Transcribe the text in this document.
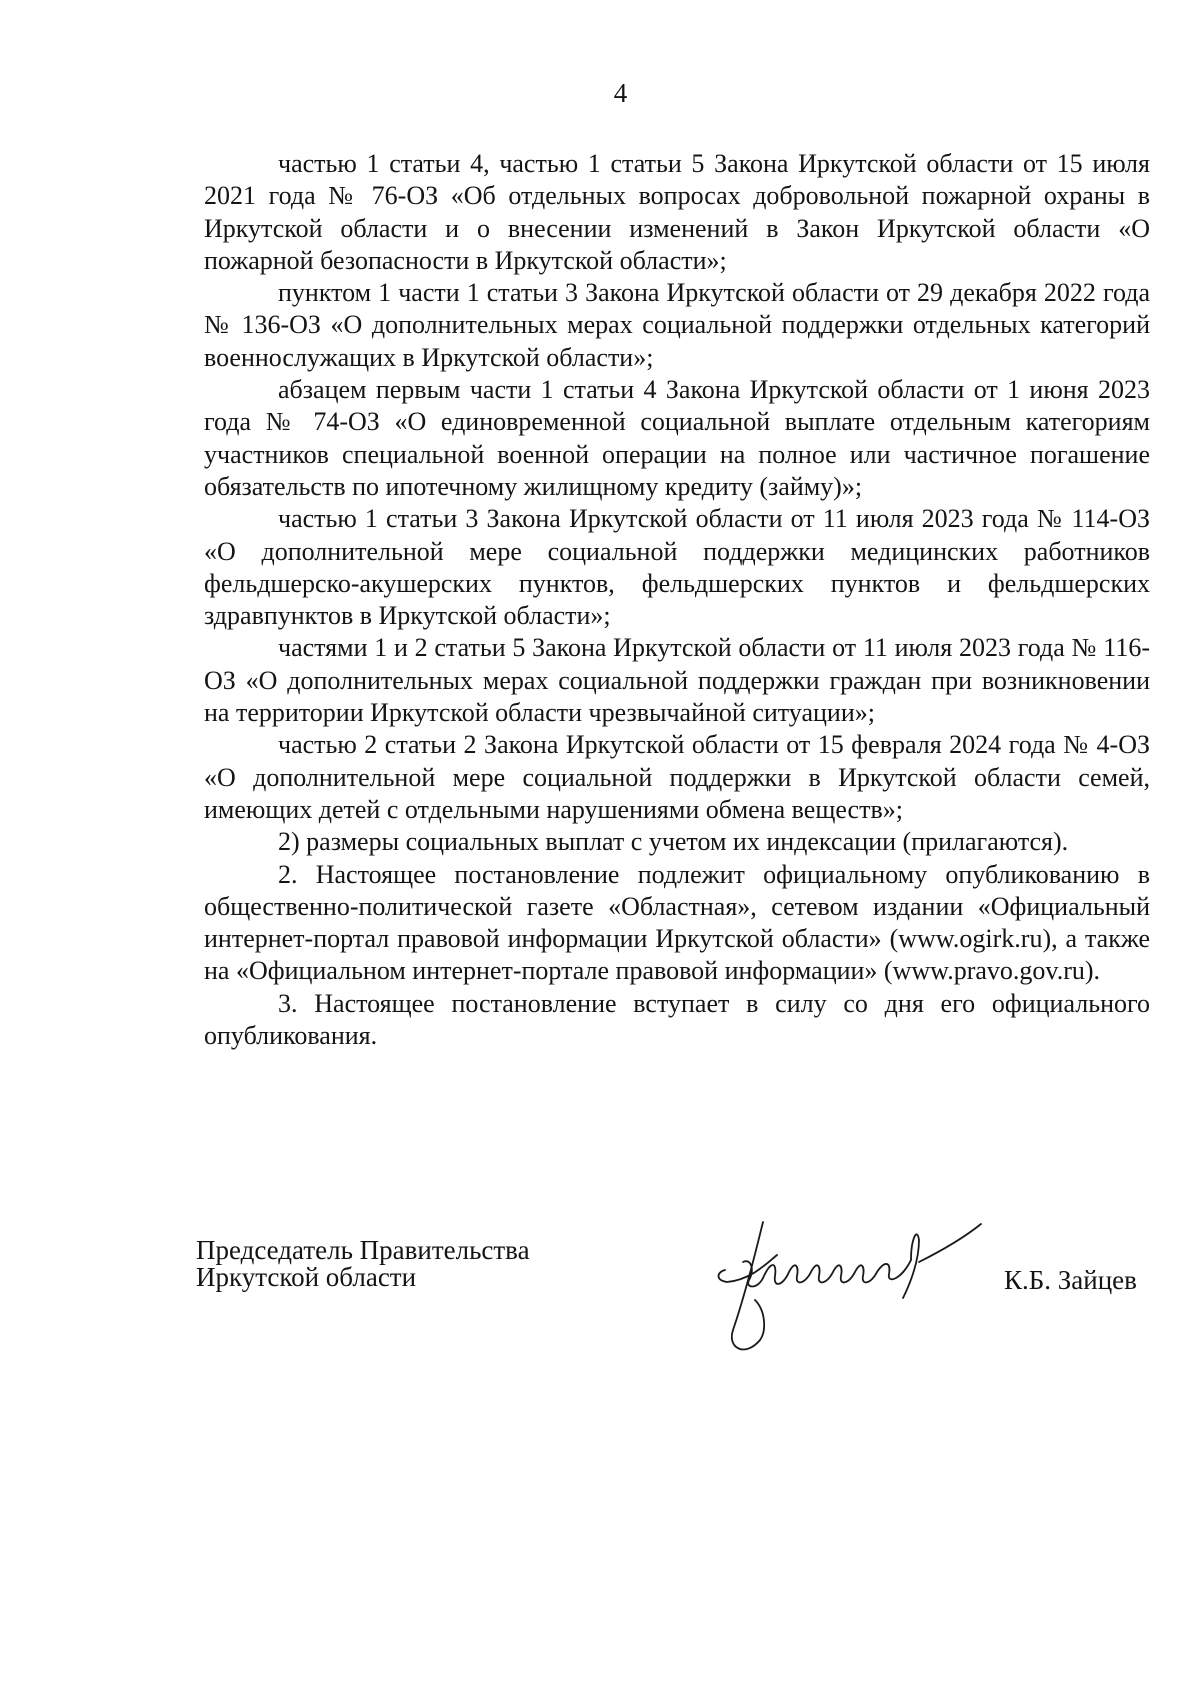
4

частью 1 статьи 4, частью 1 статьи 5 Закона Иркутской области от 15 июля 2021 года № 76-ОЗ «Об отдельных вопросах добровольной пожарной охраны в Иркутской области и о внесении изменений в Закон Иркутской области «О пожарной безопасности в Иркутской области»;

пунктом 1 части 1 статьи 3 Закона Иркутской области от 29 декабря 2022 года № 136-ОЗ «О дополнительных мерах социальной поддержки отдельных категорий военнослужащих в Иркутской области»;

абзацем первым части 1 статьи 4 Закона Иркутской области от 1 июня 2023 года № 74-ОЗ «О единовременной социальной выплате отдельным категориям участников специальной военной операции на полное или частичное погашение обязательств по ипотечному жилищному кредиту (займу)»;

частью 1 статьи 3 Закона Иркутской области от 11 июля 2023 года № 114-ОЗ «О дополнительной мере социальной поддержки медицинских работников фельдшерско-акушерских пунктов, фельдшерских пунктов и фельдшерских здравпунктов в Иркутской области»;

частями 1 и 2 статьи 5 Закона Иркутской области от 11 июля 2023 года № 116-ОЗ «О дополнительных мерах социальной поддержки граждан при возникновении на территории Иркутской области чрезвычайной ситуации»;

частью 2 статьи 2 Закона Иркутской области от 15 февраля 2024 года № 4-ОЗ «О дополнительной мере социальной поддержки в Иркутской области семей, имеющих детей с отдельными нарушениями обмена веществ»;

2) размеры социальных выплат с учетом их индексации (прилагаются).

2. Настоящее постановление подлежит официальному опубликованию в общественно-политической газете «Областная», сетевом издании «Официальный интернет-портал правовой информации Иркутской области» (www.ogirk.ru), а также на «Официальном интернет-портале правовой информации» (www.pravo.gov.ru).

3. Настоящее постановление вступает в силу со дня его официального опубликования.

Председатель Правительства
Иркутской области	К.Б. Зайцев
